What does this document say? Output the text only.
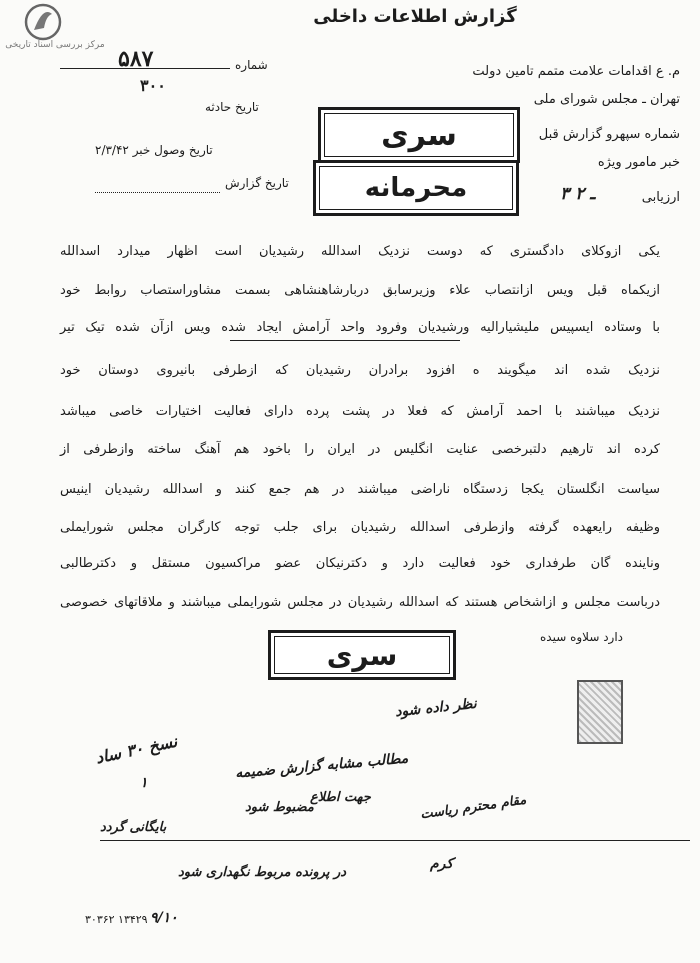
مرکز بررسی اسناد تاریخی
گزارش اطلاعات داخلی
شماره
۵۸۷
۳۰۰
تاریخ حادثه
تاریخ وصول خبر ۲/۳/۴۲
تاریخ گزارش
م. ع اقدامات علامت متمم تامین دولت
تهران ـ مجلس شورای ملی
شماره سپهرو گزارش قبل
خبر مامور ویژه
ارزیابی
۳ ـ ۲
سری
محرمانه
یکی ازوکلای دادگستری که دوست نزدیک اسدالله رشیدیان است اظهار میدارد اسدالله
ازیکماه قبل ویس ازانتصاب علاء وزیرسابق دربارشاهنشاهی بسمت مشاوراستصاب روابط خود
با وستاده ایسپیس ملیشیارالیه ورشیدیان وفرود واحد آرامش ایجاد شده ویس ازآن شده تیک تیر
نزدیک شده اند میگویند ه افزود برادران رشیدیان که ازطرفی بانیروی دوستان خود
نزدیک میباشند با احمد آرامش که فعلا در پشت پرده دارای فعالیت اختیارات خاصی میباشد
کرده اند تارهیم دلتبرخصی عنایت انگلیس در ایران را باخود هم آهنگ ساخته وازطرفی از
سیاست انگلستان یکجا زدستگاه ناراضی میباشند در هم جمع کنند و اسدالله رشیدیان اینیس
وظیفه رایعهده گرفته وازطرفی اسدالله رشیدیان برای جلب توجه کارگران مجلس شورایملی
وناینده گان طرفداری خود فعالیت دارد و دکترنیکان عضو مراکسیون مستقل و دکترطالبی
درباست مجلس و ازاشخاص هستند که اسدالله رشیدیان در مجلس شورایملی میباشند و ملاقاتهای خصوصی
دارد سلاوه سیده
سری
نظر داده شود
نسخ ۳۰ ساد
۱
مطالب مشابه گزارش ضمیمه
جهت اطلاع	مقام محترم ریاست
مضبوط شود
بایگانی گردد
در پرونده مربوط نگهداری شود
۹/۱۰
۳۰۳۶۲ ۱۳۴۲۹
کرم
